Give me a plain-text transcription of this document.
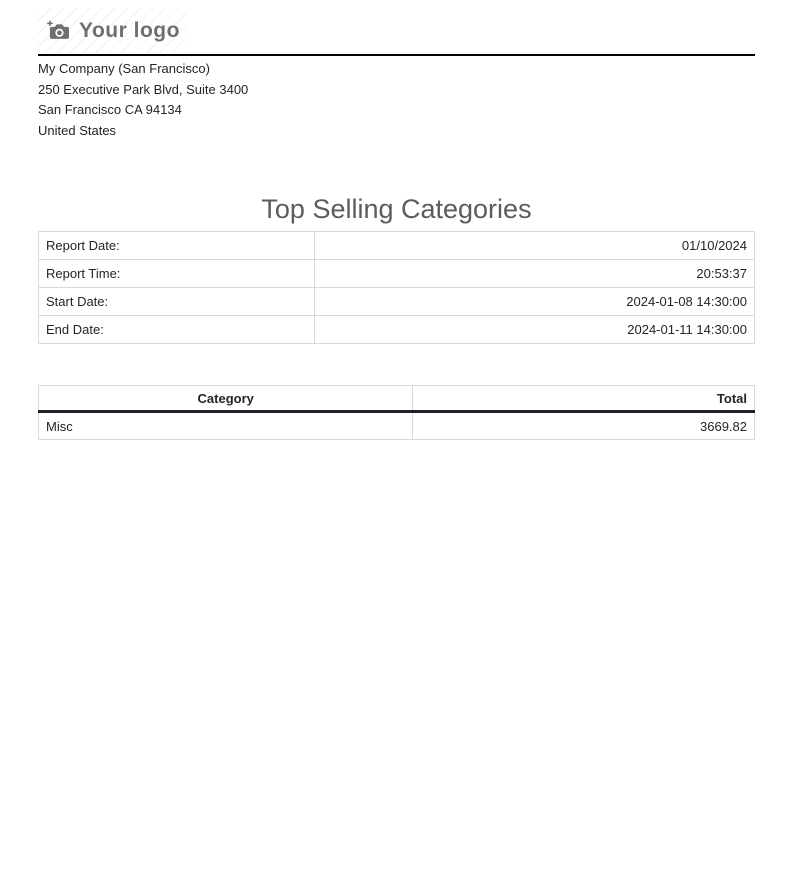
Your logo
My Company (San Francisco)
250 Executive Park Blvd, Suite 3400
San Francisco CA 94134
United States
Top Selling Categories
Report Date:	01/10/2024
Report Time:	20:53:37
Start Date:	2024-01-08 14:30:00
End Date:	2024-01-11 14:30:00
Category	Total
Misc	3669.82
